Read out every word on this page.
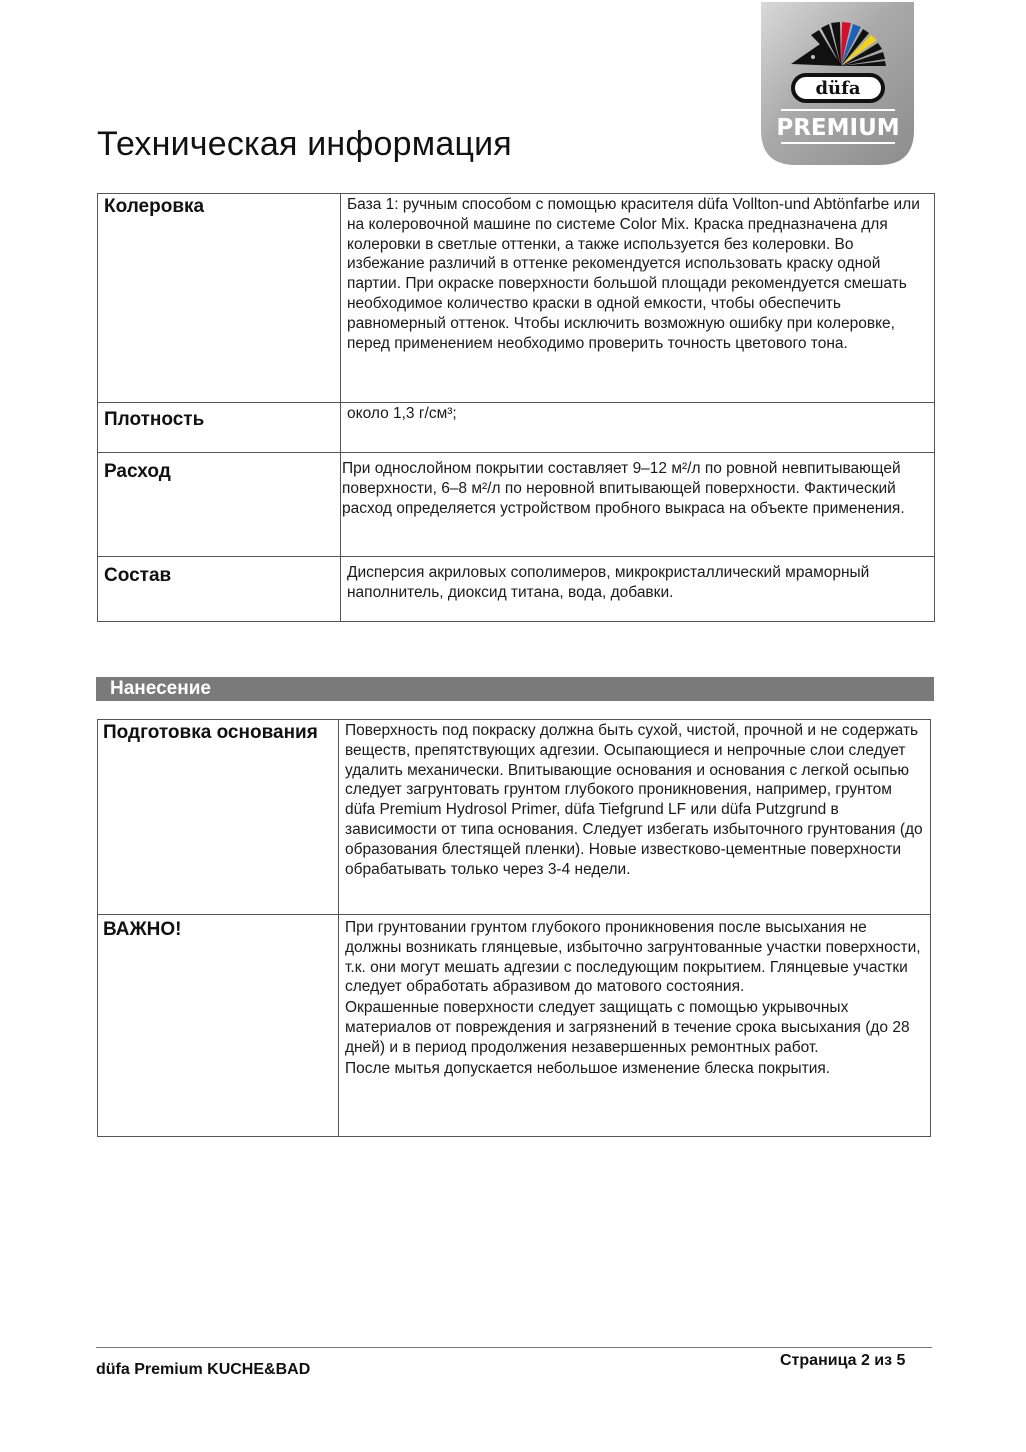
Техническая информация
düfa
PREMIUM
Колеровка	База 1: ручным способом с помощью красителя düfa Vollton-und Abtönfarbe или на колеровочной машине по системе Color Mix. Краска предназначена для колеровки в светлые оттенки, а также используется без колеровки. Во избежание различий в оттенке рекомендуется использовать краску одной партии. При окраске поверхности большой площади рекомендуется смешать необходимое количество краски в одной емкости, чтобы обеспечить равномерный оттенок. Чтобы исключить возможную ошибку при колеровке, перед применением необходимо проверить точность цветового тона.
Плотность	около 1,3 г/см³;
Расход	При однослойном покрытии составляет 9–12 м²/л по ровной невпитывающей поверхности, 6–8 м²/л по неровной впитывающей поверхности. Фактический расход определяется устройством пробного выкраса на объекте применения.
Состав	Дисперсия акриловых сополимеров, микрокристаллический мраморный наполнитель, диоксид титана, вода, добавки.
Нанесение
Подготовка основания	Поверхность под покраску должна быть сухой, чистой, прочной и не содержать веществ, препятствующих адгезии. Осыпающиеся и непрочные слои следует удалить механически. Впитывающие основания и основания с легкой осыпью следует загрунтовать грунтом глубокого проникновения, например, грунтом düfa Premium Hydrosol Primer, düfa Tiefgrund LF или düfa Putzgrund в зависимости от типа основания. Следует избегать избыточного грунтования (до образования блестящей пленки). Новые известково-цементные поверхности обрабатывать только через 3-4 недели.

ВАЖНО!	При грунтовании грунтом глубокого проникновения после высыхания не должны возникать глянцевые, избыточно загрунтованные участки поверхности, т.к. они могут мешать адгезии с последующим покрытием. Глянцевые участки следует обработать абразивом до матового состояния.

Окрашенные поверхности следует защищать с помощью укрывочных материалов от повреждения и загрязнений в течение срока высыхания (до 28 дней) и в период продолжения незавершенных ремонтных работ.

После мытья допускается небольшое изменение блеска покрытия.

düfa Premium KUCHE&BAD
Страница 2 из 5
